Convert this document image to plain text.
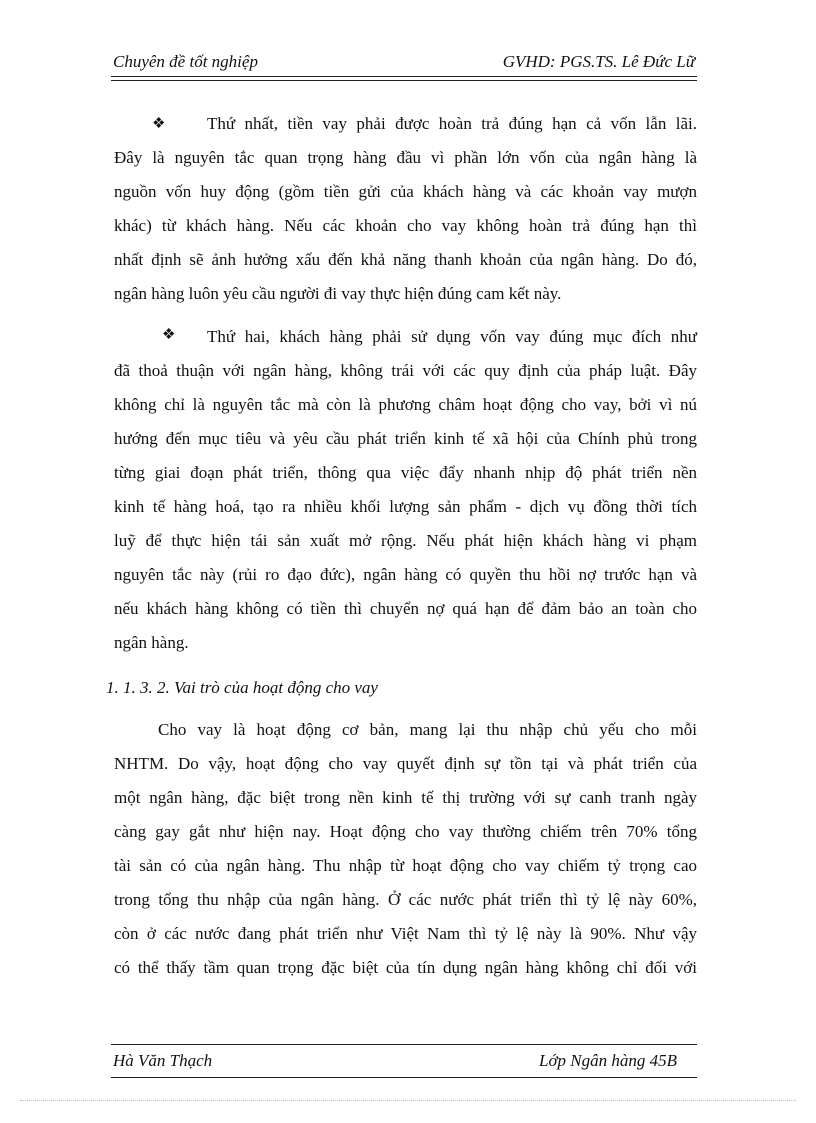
Chuyên đề tốt nghiệp	GVHD: PGS.TS. Lê Đức Lữ
❖ Thứ nhất, tiền vay phải được hoàn trả đúng hạn cả vốn lẫn lãi.
Đây là nguyên tắc quan trọng hàng đầu vì phần lớn vốn của ngân hàng là
nguồn vốn huy động (gồm tiền gửi của khách hàng và các khoản vay mượn
khác) từ khách hàng. Nếu các khoản cho vay không hoàn trả đúng hạn thì
nhất định sẽ ảnh hưởng xấu đến khả năng thanh khoản của ngân hàng. Do đó,
ngân hàng luôn yêu cầu người đi vay thực hiện đúng cam kết này.
❖ Thứ hai, khách hàng phải sử dụng vốn vay đúng mục đích như
đã thoả thuận với ngân hàng, không trái với các quy định của pháp luật. Đây
không chỉ là nguyên tắc mà còn là phương châm hoạt động cho vay, bởi vì nú
hướng đến mục tiêu và yêu cầu phát triển kinh tế xã hội của Chính phủ trong
từng giai đoạn phát triển, thông qua việc đẩy nhanh nhịp độ phát triển nền
kinh tế hàng hoá, tạo ra nhiều khối lượng sản phẩm - dịch vụ đồng thời tích
luỹ để thực hiện tái sản xuất mở rộng. Nếu phát hiện khách hàng vi phạm
nguyên tắc này (rủi ro đạo đức), ngân hàng có quyền thu hồi nợ trước hạn và
nếu khách hàng không có tiền thì chuyển nợ quá hạn để đảm bảo an toàn cho
ngân hàng.
1. 1. 3. 2. Vai trò của hoạt động cho vay
Cho vay là hoạt động cơ bản, mang lại thu nhập chủ yếu cho mỗi
NHTM. Do vậy, hoạt động cho vay quyết định sự tồn tại và phát triển của
một ngân hàng, đặc biệt trong nền kinh tế thị trường với sự canh tranh ngày
càng gay gắt như hiện nay. Hoạt động cho vay thường chiếm trên 70% tổng
tài sản có của ngân hàng. Thu nhập từ hoạt động cho vay chiếm tỷ trọng cao
trong tổng thu nhập của ngân hàng. Ở các nước phát triển thì tỷ lệ này 60%,
còn ở các nước đang phát triển như Việt Nam thì tỷ lệ này là 90%. Như vậy
có thể thấy tầm quan trọng đặc biệt của tín dụng ngân hàng không chỉ đối với
Hà Văn Thạch	Lớp Ngân hàng 45B
